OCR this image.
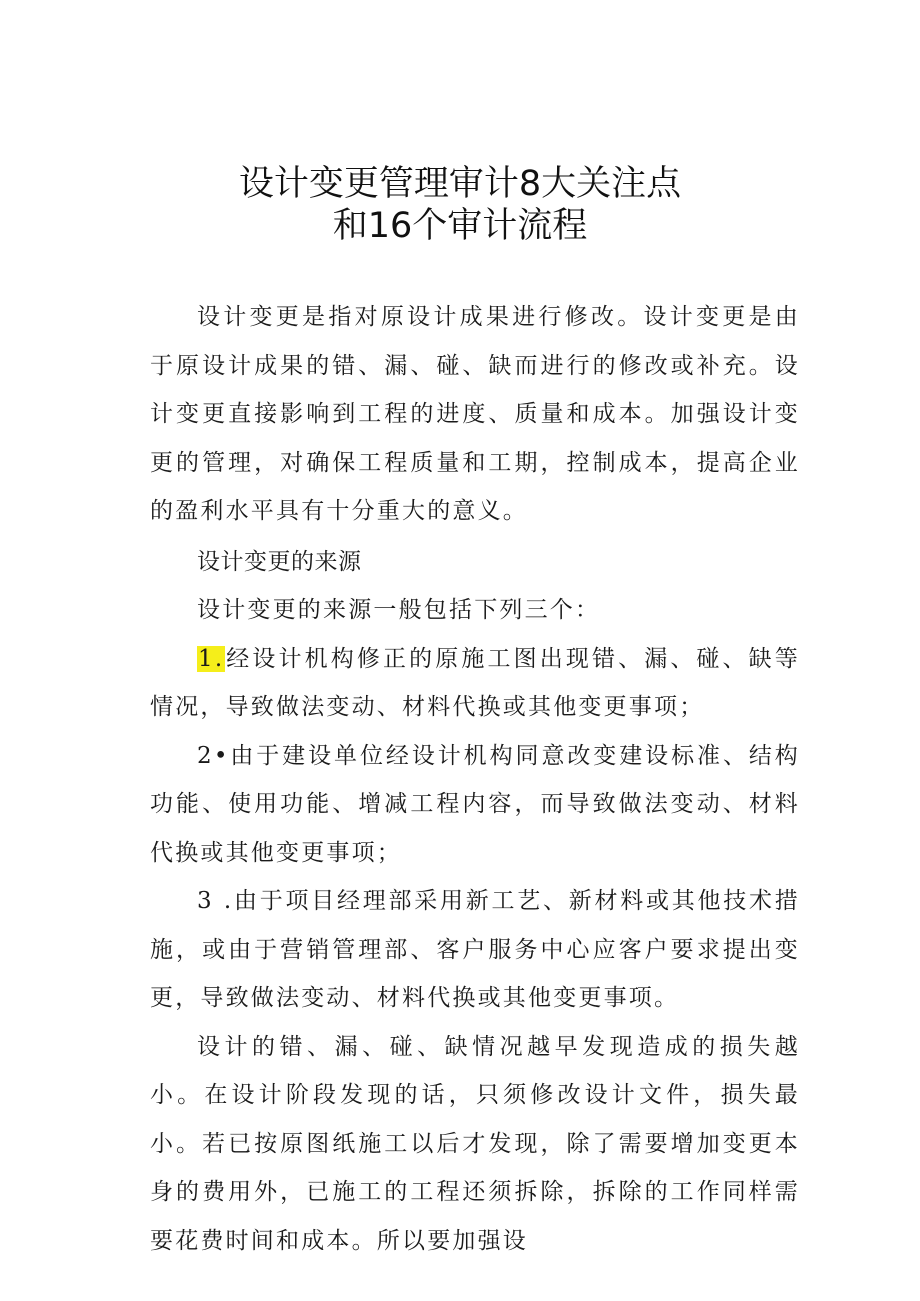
设计变更管理审计8大关注点
和16个审计流程

设计变更是指对原设计成果进行修改。设计变更是由于原设计成果的错、漏、碰、缺而进行的修改或补充。设计变更直接影响到工程的进度、质量和成本。加强设计变更的管理，对确保工程质量和工期，控制成本，提高企业的盈利水平具有十分重大的意义。

设计变更的来源

设计变更的来源一般包括下列三个：

1.经设计机构修正的原施工图出现错、漏、碰、缺等情况，导致做法变动、材料代换或其他变更事项；

2•由于建设单位经设计机构同意改变建设标准、结构功能、使用功能、增减工程内容，而导致做法变动、材料代换或其他变更事项；

3 .由于项目经理部采用新工艺、新材料或其他技术措施，或由于营销管理部、客户服务中心应客户要求提出变更，导致做法变动、材料代换或其他变更事项。

设计的错、漏、碰、缺情况越早发现造成的损失越小。在设计阶段发现的话，只须修改设计文件，损失最小。若已按原图纸施工以后才发现，除了需要增加变更本身的费用外，已施工的工程还须拆除，拆除的工作同样需要花费时间和成本。所以要加强设
